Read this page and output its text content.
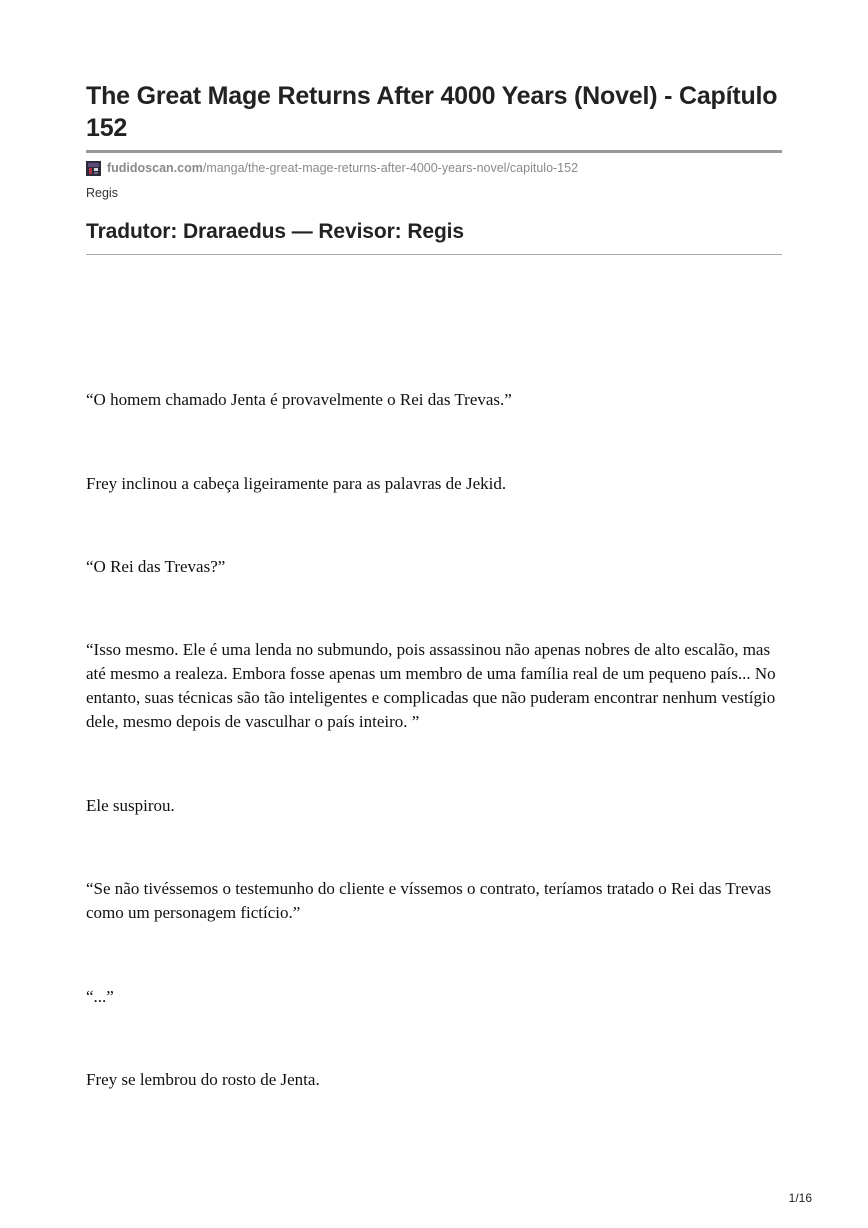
The Great Mage Returns After 4000 Years (Novel) - Capítulo 152
fudidoscan.com /manga/the-great-mage-returns-after-4000-years-novel/capitulo-152
Regis
Tradutor: Draraedus — Revisor: Regis

“O homem chamado Jenta é provavelmente o Rei das Trevas.”

Frey inclinou a cabeça ligeiramente para as palavras de Jekid.

“O Rei das Trevas?”

“Isso mesmo. Ele é uma lenda no submundo, pois assassinou não apenas nobres de alto escalão, mas até mesmo a realeza. Embora fosse apenas um membro de uma família real de um pequeno país... No entanto, suas técnicas são tão inteligentes e complicadas que não puderam encontrar nenhum vestígio dele, mesmo depois de vasculhar o país inteiro. ”

Ele suspirou.

“Se não tivéssemos o testemunho do cliente e víssemos o contrato, teríamos tratado o Rei das Trevas como um personagem fictício.”

“...”

Frey se lembrou do rosto de Jenta.

1/16
